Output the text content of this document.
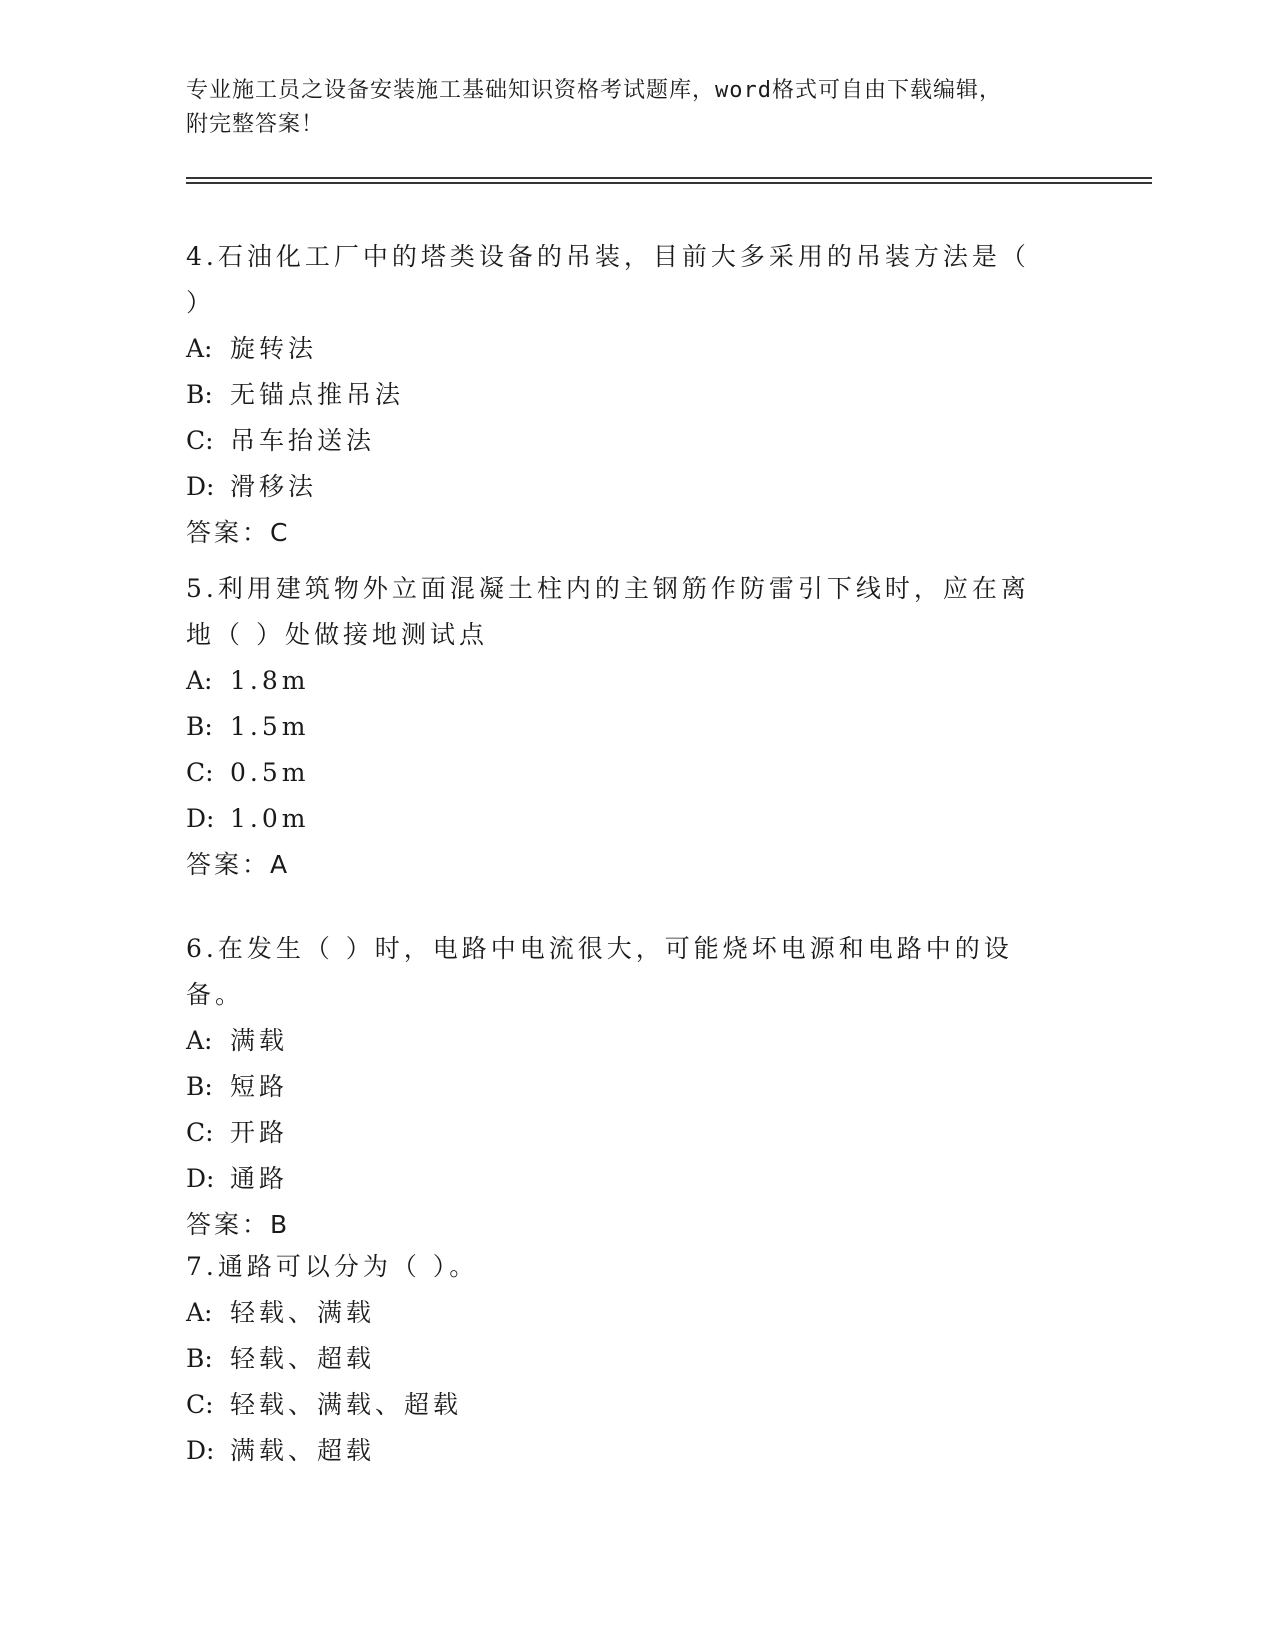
专业施工员之设备安装施工基础知识资格考试题库，word格式可自由下载编辑，

附完整答案！

4.石油化工厂中的塔类设备的吊装，目前大多采用的吊装方法是（ ）

A: 旋转法

B: 无锚点推吊法

C: 吊车抬送法

D: 滑移法

答案：C

5.利用建筑物外立面混凝土柱内的主钢筋作防雷引下线时，应在离地（ ）处做接地测试点

A: 1.8m

B: 1.5m

C: 0.5m

D: 1.0m

答案：A

6.在发生（ ）时，电路中电流很大，可能烧坏电源和电路中的设备。

A: 满载

B: 短路

C: 开路

D: 通路

答案：B

7.通路可以分为（ ）。

A: 轻载、满载

B: 轻载、超载

C: 轻载、满载、超载

D: 满载、超载
